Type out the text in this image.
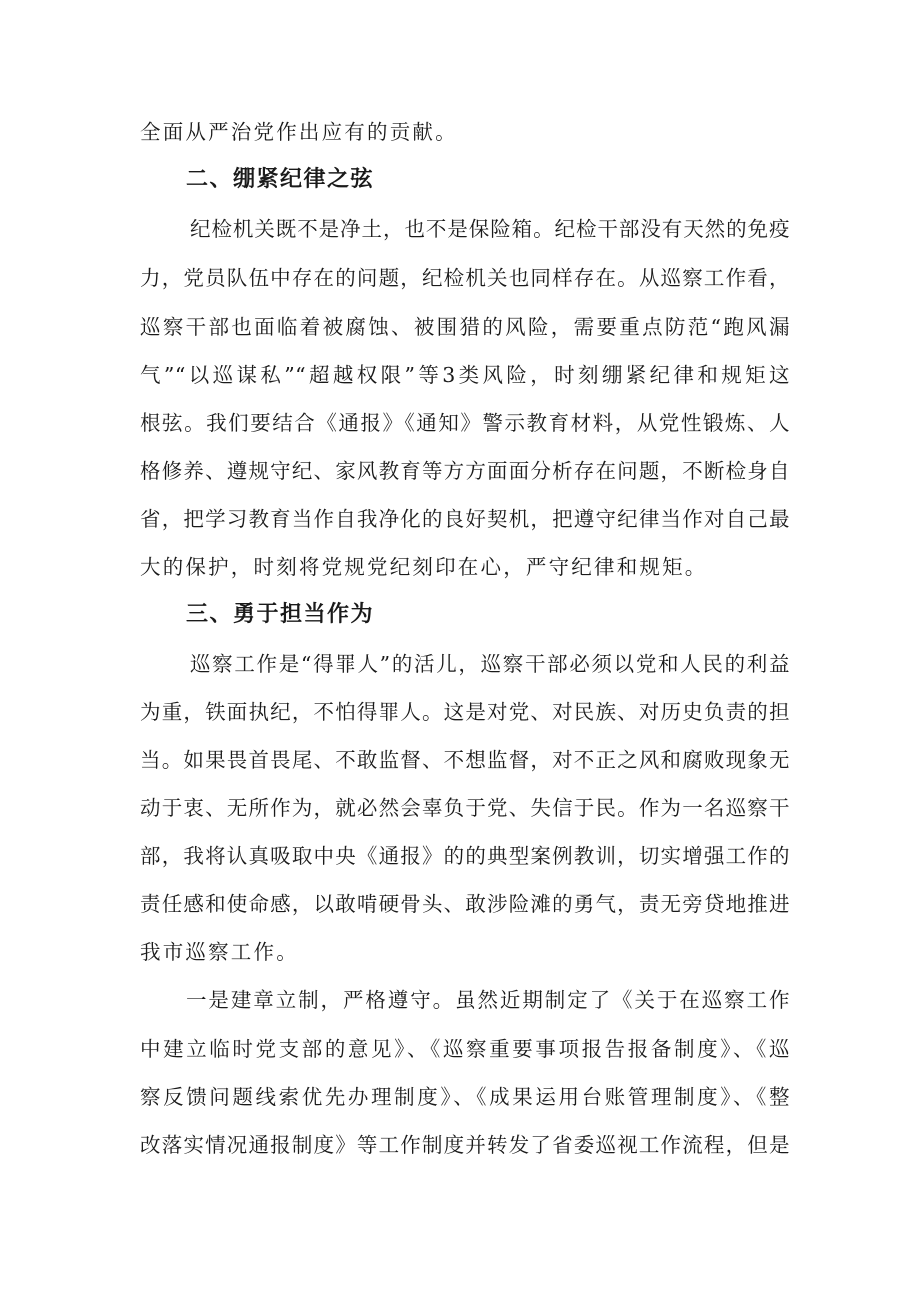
全面从严治党作出应有的贡献。
二、绷紧纪律之弦
纪检机关既不是净土，也不是保险箱。纪检干部没有天然的免疫
力，党员队伍中存在的问题，纪检机关也同样存在。从巡察工作看，
巡察干部也面临着被腐蚀、被围猎的风险，需要重点防范“跑风漏
气”“以巡谋私”“超越权限”等3类风险，时刻绷紧纪律和规矩这
根弦。我们要结合《通报》《通知》警示教育材料，从党性锻炼、人
格修养、遵规守纪、家风教育等方方面面分析存在问题，不断检身自
省，把学习教育当作自我净化的良好契机，把遵守纪律当作对自己最
大的保护，时刻将党规党纪刻印在心，严守纪律和规矩。
三、勇于担当作为
巡察工作是“得罪人”的活儿，巡察干部必须以党和人民的利益
为重，铁面执纪，不怕得罪人。这是对党、对民族、对历史负责的担
当。如果畏首畏尾、不敢监督、不想监督，对不正之风和腐败现象无
动于衷、无所作为，就必然会辜负于党、失信于民。作为一名巡察干
部，我将认真吸取中央《通报》的的典型案例教训，切实增强工作的
责任感和使命感，以敢啃硬骨头、敢涉险滩的勇气，责无旁贷地推进
我市巡察工作。
一是建章立制，严格遵守。虽然近期制定了《关于在巡察工作
中建立临时党支部的意见》、《巡察重要事项报告报备制度》、《巡
察反馈问题线索优先办理制度》、《成果运用台账管理制度》、《整
改落实情况通报制度》等工作制度并转发了省委巡视工作流程，但是
